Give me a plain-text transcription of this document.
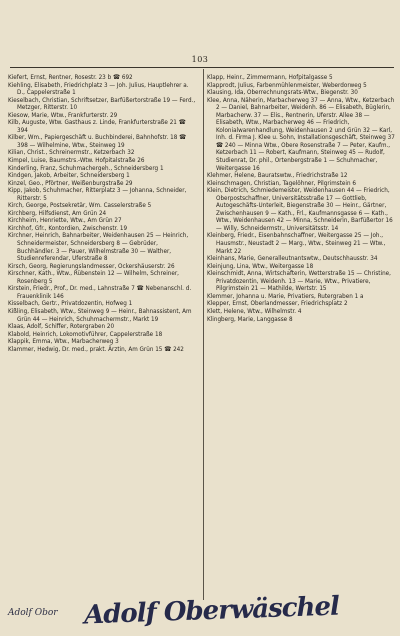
103

Kiefert, Ernst, Rentner, Rosestr. 23 b ☎ 692

Kiehling, Elisabeth, Friedrichplatz 3 — Joh. Julius, Hauptlehrer a. D., Cappelerstraße 1

Kieselbach, Christian, Schriftsetzer, Barfüßertorstraße 19 — Ferd., Metzger, Ritterstr. 10

Kiesow, Marie, Wtw., Frankfurterstr. 29

Kilb, Auguste, Wtw. Gasthaus z. Linde, Frankfurterstraße 21 ☎ 394

Kilber, Wm., Papiergeschäft u. Buchbinderei, Bahnhofstr. 18 ☎ 398 — Wilhelmine, Wtw., Steinweg 19

Kilian, Christ., Schreinermstr., Ketzerbach 32

Kimpel, Luise, Baumstrs.-Wtw. Hofpitalstraße 26

Kinderling, Franz, Schuhmachergeh., Schneidersberg 1

Kindgen, Jakob, Arbeiter, Schneidersberg 1

Kinzel, Geo., Pförtner, Weißenburgstraße 29

Kipp, Jakob, Schuhmacher, Ritterplatz 3 — Johanna, Schneider, Ritterstr. 5

Kirch, George, Postsekretär, Wm. Casselerstraße 5

Kirchberg, Hilfsdienst, Am Grün 24

Kirchheim, Henriette, Wtw., Am Grün 27

Kirchhof, Gfr., Kontordien, Zwischenstr. 19

Kirchner, Heinrich, Bahnarbeiter, Weidenhausen 25 — Heinrich, Schneidermeister, Schneidersberg 8 — Gebrüder, Buchhändler. 3 — Pauer, Wilhelmstraße 30 — Walther, Studienreferendar, Uferstraße 8

Kirsch, Georg, Regierungslandmesser, Ockershäuserstr. 26

Kirschner, Kath., Wtw., Rübenstein 12 — Wilhelm, Schreiner, Rosenberg 5

Kirstein, Friedr., Prof., Dr. med., Lahnstraße 7 ☎ Nebenanschl. d. Frauenklinik 146

Kisselbach, Gertr., Privatdozentin, Hofweg 1

Kißling, Elisabeth, Wtw., Steinweg 9 — Heinr., Bahnassistent, Am Grün 44 — Heinrich, Schuhmachermstr., Markt 19

Klaas, Adolf, Schiffer, Rotergraben 20

Klabold, Heinrich, Lokomotivführer, Cappelerstraße 18

Klappik, Emma, Wtw., Marbacherweg 3

Klammer, Hedwig, Dr. med., prakt. Ärztin, Am Grün 15 ☎ 242

Klapp, Heinr., Zimmermann, Hofpitalgasse 5

Klapprodt, Julius, Farbenmühlenmeister, Weberdorweg 5

Klausing, Ida, Oberrechnungsrats-Wtw., Biegenstr. 30

Klee, Anna, Näherin, Marbacherweg 37 — Anna, Wtw., Ketzerbach 2 — Daniel, Bahnarbeiter, Weidenh. 86 — Elisabeth, Büglerin, Marbacherw. 37 — Elis., Rentnerin, Uferstr. Allee 38 — Elisabeth, Wtw., Marbacherweg 46 — Friedrich, Kolonialwarenhandlung, Weidenhausen 2 und Grün 32 — Karl, Inh. d. Firma J. Klee u. Sohn, Installationsgeschäft, Steinweg 37 ☎ 240 — Minna Wtw., Obere Rosenstraße 7 — Peter, Kaufm., Ketzerbach 11 — Robert, Kaufmann, Steinweg 45 — Rudolf, Studienrat, Dr. phil., Ortenbergstraße 1 — Schuhmacher, Weitergasse 16

Klehmer, Helene, Bauratswtw., Friedrichstraße 12

Kleinschmagen, Christian, Tagelöhner, Pilgrimstein 6

Klein, Dietrich, Schmiedemeister, Weidenhausen 44 — Friedrich, Oberpostschaffner, Universitätsstraße 17 — Gottlieb, Autogeschäfts-Unterleit, Biegenstraße 30 — Heinr., Gärtner, Zwischenhausen 9 — Kath., Frl., Kaufmannsgasse 6 — Kath., Wtw., Weidenhausen 42 — Minna, Schneiderin, Barfüßertor 16 — Willy, Schneidermstr., Universitätsstr. 14

Kleinberg, Friedr., Eisenbahnschaffner, Weitergasse 25 — Joh., Hausmstr., Neustadt 2 — Marg., Wtw., Steinweg 21 — Wtw., Markt 22

Kleinhans, Marie, Generalleutnantswtw., Deutschhausstr. 34

Kleinjung, Lina, Wtw., Weitergasse 18

Kleinschmidt, Anna, Wirtschafterin, Wetterstraße 15 — Christine, Privatdozentin, Weidenh. 13 — Marie, Wtw., Privatiere, Pilgrimstein 21 — Mathilde, Wertstr. 15

Klemmer, Johanna u. Marie, Privatiers, Rutergraben 1 a

Klepper, Ernst, Oberlandmesser, Friedrichsplatz 2

Klett, Helene, Wtw., Wilhelmstr. 4

Klingberg, Marie, Langgasse 8

Adolf Obor Adolf Oberwäschel
